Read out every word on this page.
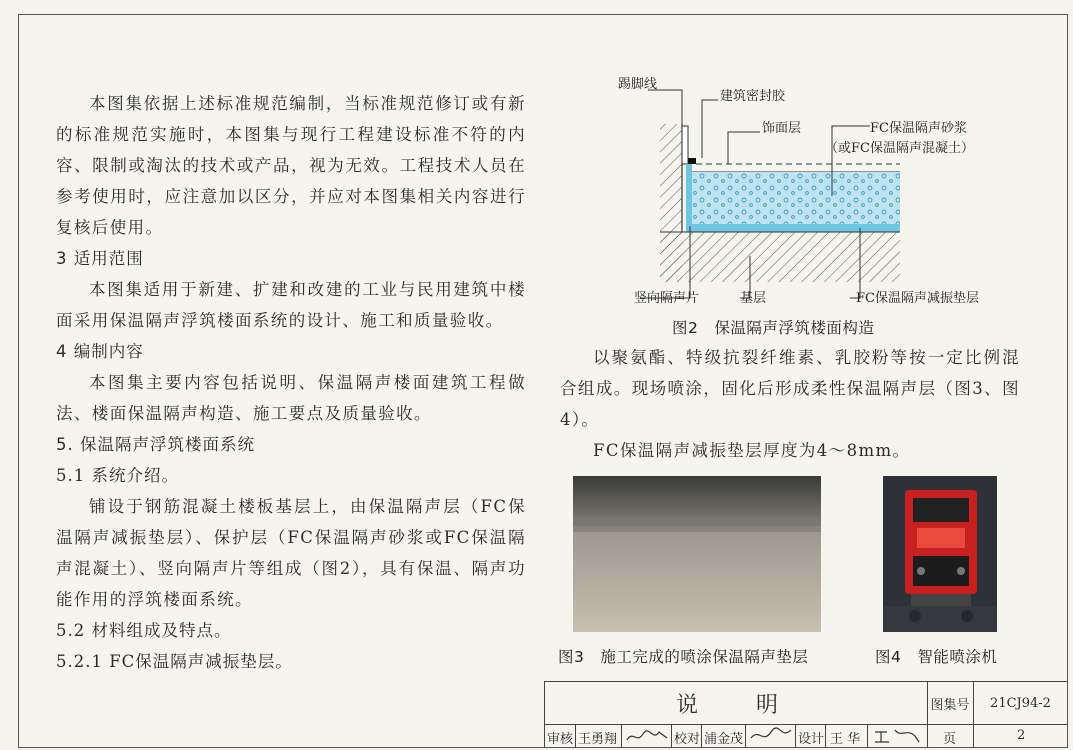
本图集依据上述标准规范编制，当标准规范修订或有新的标准规范实施时，本图集与现行工程建设标准不符的内容、限制或淘汰的技术或产品，视为无效。工程技术人员在参考使用时，应注意加以区分，并应对本图集相关内容进行复核后使用。

3 适用范围

本图集适用于新建、扩建和改建的工业与民用建筑中楼面采用保温隔声浮筑楼面系统的设计、施工和质量验收。

4 编制内容

本图集主要内容包括说明、保温隔声楼面建筑工程做法、楼面保温隔声构造、施工要点及质量验收。

5. 保温隔声浮筑楼面系统

5.1 系统介绍。

铺设于钢筋混凝土楼板基层上，由保温隔声层（FC保温隔声减振垫层）、保护层（FC保温隔声砂浆或FC保温隔声混凝土）、竖向隔声片等组成（图2），具有保温、隔声功能作用的浮筑楼面系统。

5.2 材料组成及特点。

5.2.1 FC保温隔声减振垫层。

踢脚线
建筑密封胶
饰面层	FC保温隔声砂浆
（或FC保温隔声混凝土）
竖向隔声片	基层	FC保温隔声减振垫层
图2　保温隔声浮筑楼面构造

以聚氨酯、特级抗裂纤维素、乳胶粉等按一定比例混合组成。现场喷涂，固化后形成柔性保温隔声层（图3、图4）。

FC保温隔声减振垫层厚度为4～8mm。

图3　施工完成的喷涂保温隔声垫层	图4　智能喷涂机
说　明	图集号	21CJ94-2
审核 王勇翔	校对 浦金茂	设计 王 华	页	2
